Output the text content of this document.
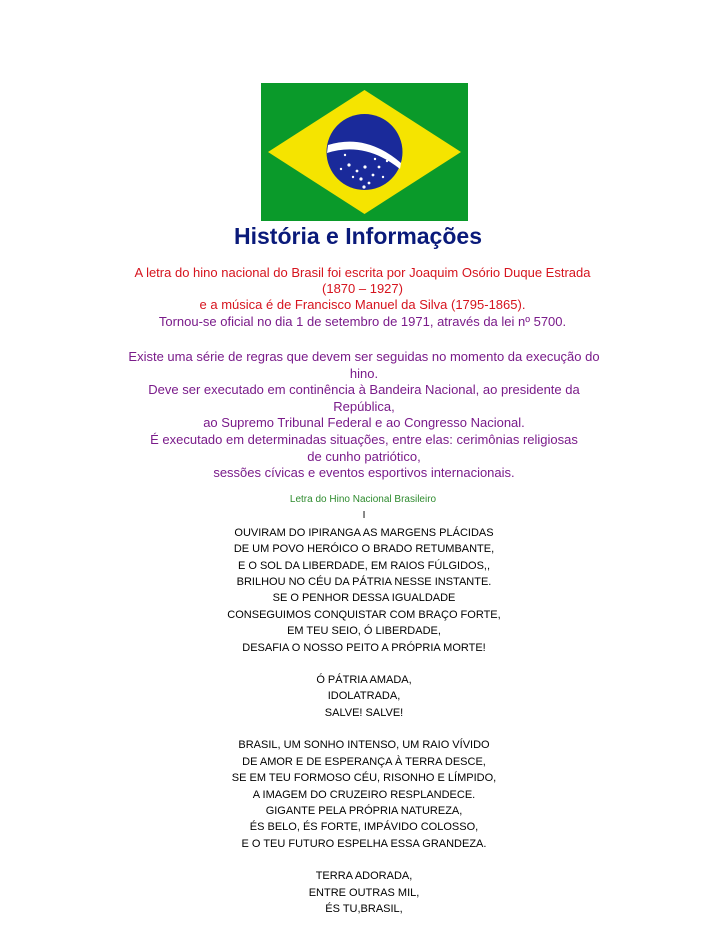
História e Informações
A letra do hino nacional do Brasil foi escrita por Joaquim Osório Duque Estrada
(1870 – 1927)
e a música é de Francisco Manuel da Silva (1795-1865).
Tornou-se oficial no dia 1 de setembro de 1971, através da lei nº 5700.
Existe uma série de regras que devem ser seguidas no momento da execução do
hino.
Deve ser executado em continência à Bandeira Nacional, ao presidente da
República,
ao Supremo Tribunal Federal e ao Congresso Nacional.
É executado em determinadas situações, entre elas: cerimônias religiosas
de cunho patriótico,
sessões cívicas e eventos esportivos internacionais.
Letra do Hino Nacional Brasileiro
I
OUVIRAM DO IPIRANGA AS MARGENS PLÁCIDAS
DE UM POVO HERÓICO O BRADO RETUMBANTE,
E O SOL DA LIBERDADE, EM RAIOS FÚLGIDOS,,
BRILHOU NO CÉU DA PÁTRIA NESSE INSTANTE.
SE O PENHOR DESSA IGUALDADE
CONSEGUIMOS CONQUISTAR COM BRAÇO FORTE,
EM TEU SEIO, Ó LIBERDADE,
DESAFIA O NOSSO PEITO A PRÓPRIA MORTE!
Ó PÁTRIA AMADA,
IDOLATRADA,
SALVE! SALVE!
BRASIL, UM SONHO INTENSO, UM RAIO VÍVIDO
DE AMOR E DE ESPERANÇA À TERRA DESCE,
SE EM TEU FORMOSO CÉU, RISONHO E LÍMPIDO,
A IMAGEM DO CRUZEIRO RESPLANDECE.
GIGANTE PELA PRÓPRIA NATUREZA,
ÉS BELO, ÉS FORTE, IMPÁVIDO COLOSSO,
E O TEU FUTURO ESPELHA ESSA GRANDEZA.
TERRA ADORADA,
ENTRE OUTRAS MIL,
ÉS TU,BRASIL,
